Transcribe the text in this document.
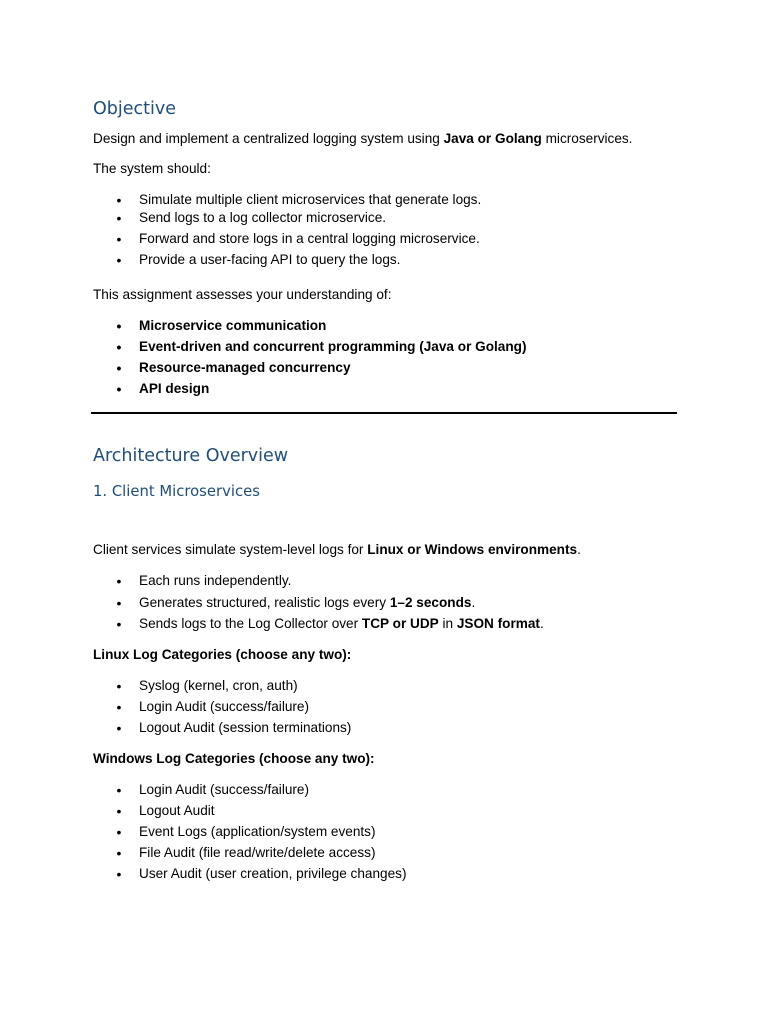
Objective

Design and implement a centralized logging system using Java or Golang microservices.

The system should:

• Simulate multiple client microservices that generate logs.
• Send logs to a log collector microservice.
• Forward and store logs in a central logging microservice.
• Provide a user-facing API to query the logs.

This assignment assesses your understanding of:

• Microservice communication
• Event-driven and concurrent programming (Java or Golang)
• Resource-managed concurrency
• API design
Architecture Overview
1. Client Microservices

Client services simulate system-level logs for Linux or Windows environments.

• Each runs independently.
• Generates structured, realistic logs every 1–2 seconds.
• Sends logs to the Log Collector over TCP or UDP in JSON format.

Linux Log Categories (choose any two):

• Syslog (kernel, cron, auth)
• Login Audit (success/failure)
• Logout Audit (session terminations)

Windows Log Categories (choose any two):

• Login Audit (success/failure)
• Logout Audit
• Event Logs (application/system events)
• File Audit (file read/write/delete access)
• User Audit (user creation, privilege changes)
